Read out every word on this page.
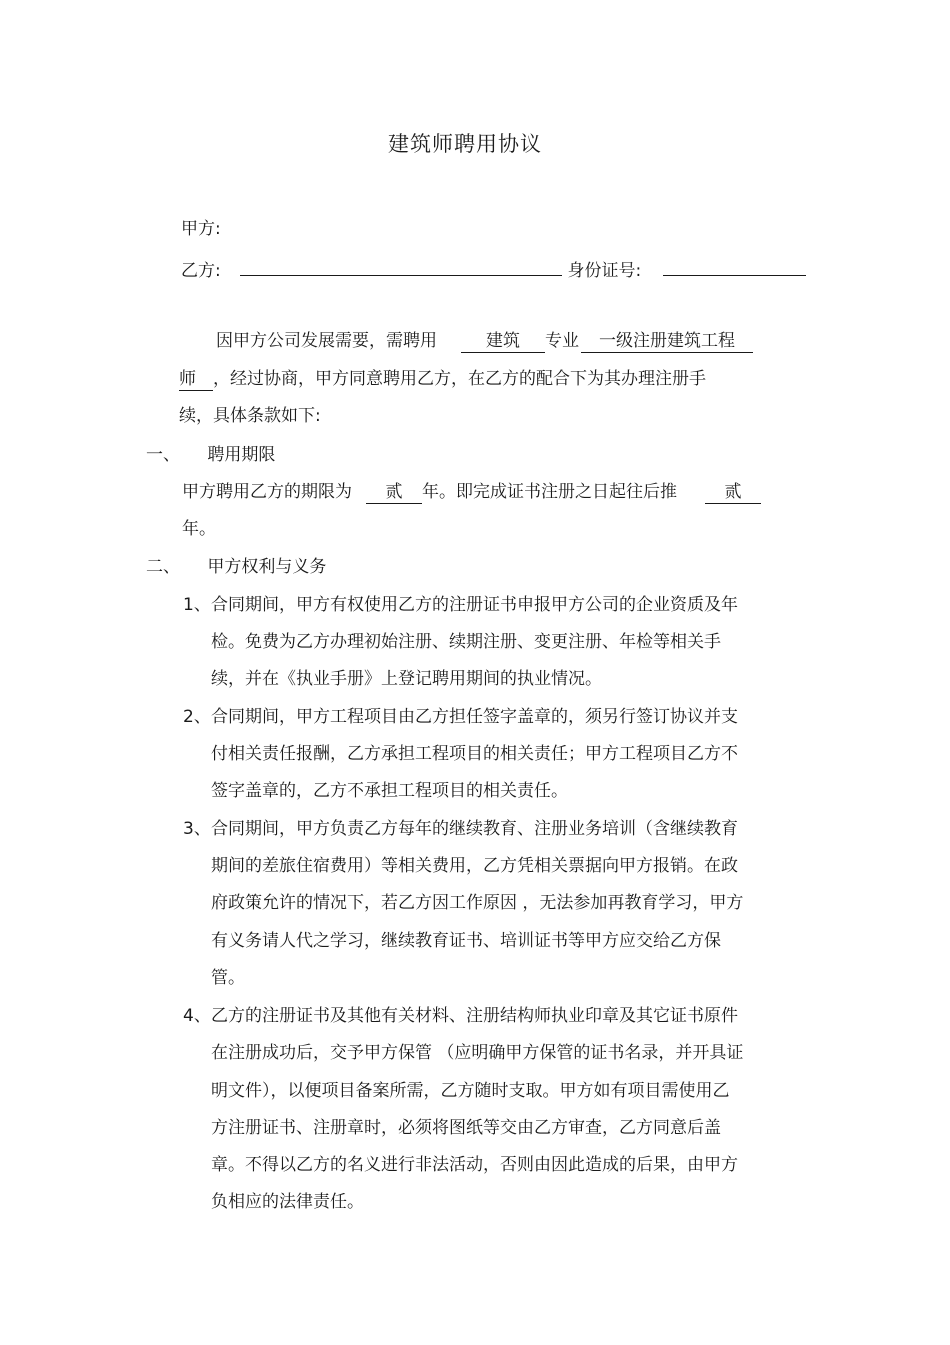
建筑师聘用协议
甲方:
乙方:	身份证号:
因甲方公司发展需要，需聘用	建筑 专业 一级注册建筑工程
师 ，经过协商，甲方同意聘用乙方，在乙方的配合下为其办理注册手
续，具体条款如下:
一、 聘用期限
甲方聘用乙方的期限为 贰 年。即完成证书注册之日起往后推	贰
年。
二、 甲方权利与义务
1、 合同期间，甲方有权使用乙方的注册证书申报甲方公司的企业资质及年
检。免费为乙方办理初始注册、续期注册、变更注册、年检等相关手
续，并在《执业手册》上登记聘用期间的执业情况。
2、 合同期间，甲方工程项目由乙方担任签字盖章的，须另行签订协议并支
付相关责任报酬，乙方承担工程项目的相关责任；甲方工程项目乙方不
签字盖章的，乙方不承担工程项目的相关责任。
3、 合同期间，甲方负责乙方每年的继续教育、注册业务培训（含继续教育
期间的差旅住宿费用）等相关费用，乙方凭相关票据向甲方报销。在政
府政策允许的情况下，若乙方因工作原因 ，无法参加再教育学习，甲方
有义务请人代之学习，继续教育证书、培训证书等甲方应交给乙方保
管。
4、 乙方的注册证书及其他有关材料、注册结构师执业印章及其它证书原件
在注册成功后，交予甲方保管 （应明确甲方保管的证书名录，并开具证
明文件），以便项目备案所需，乙方随时支取。甲方如有项目需使用乙
方注册证书、注册章时，必须将图纸等交由乙方审查，乙方同意后盖
章。不得以乙方的名义进行非法活动，否则由因此造成的后果，由甲方
负相应的法律责任。
